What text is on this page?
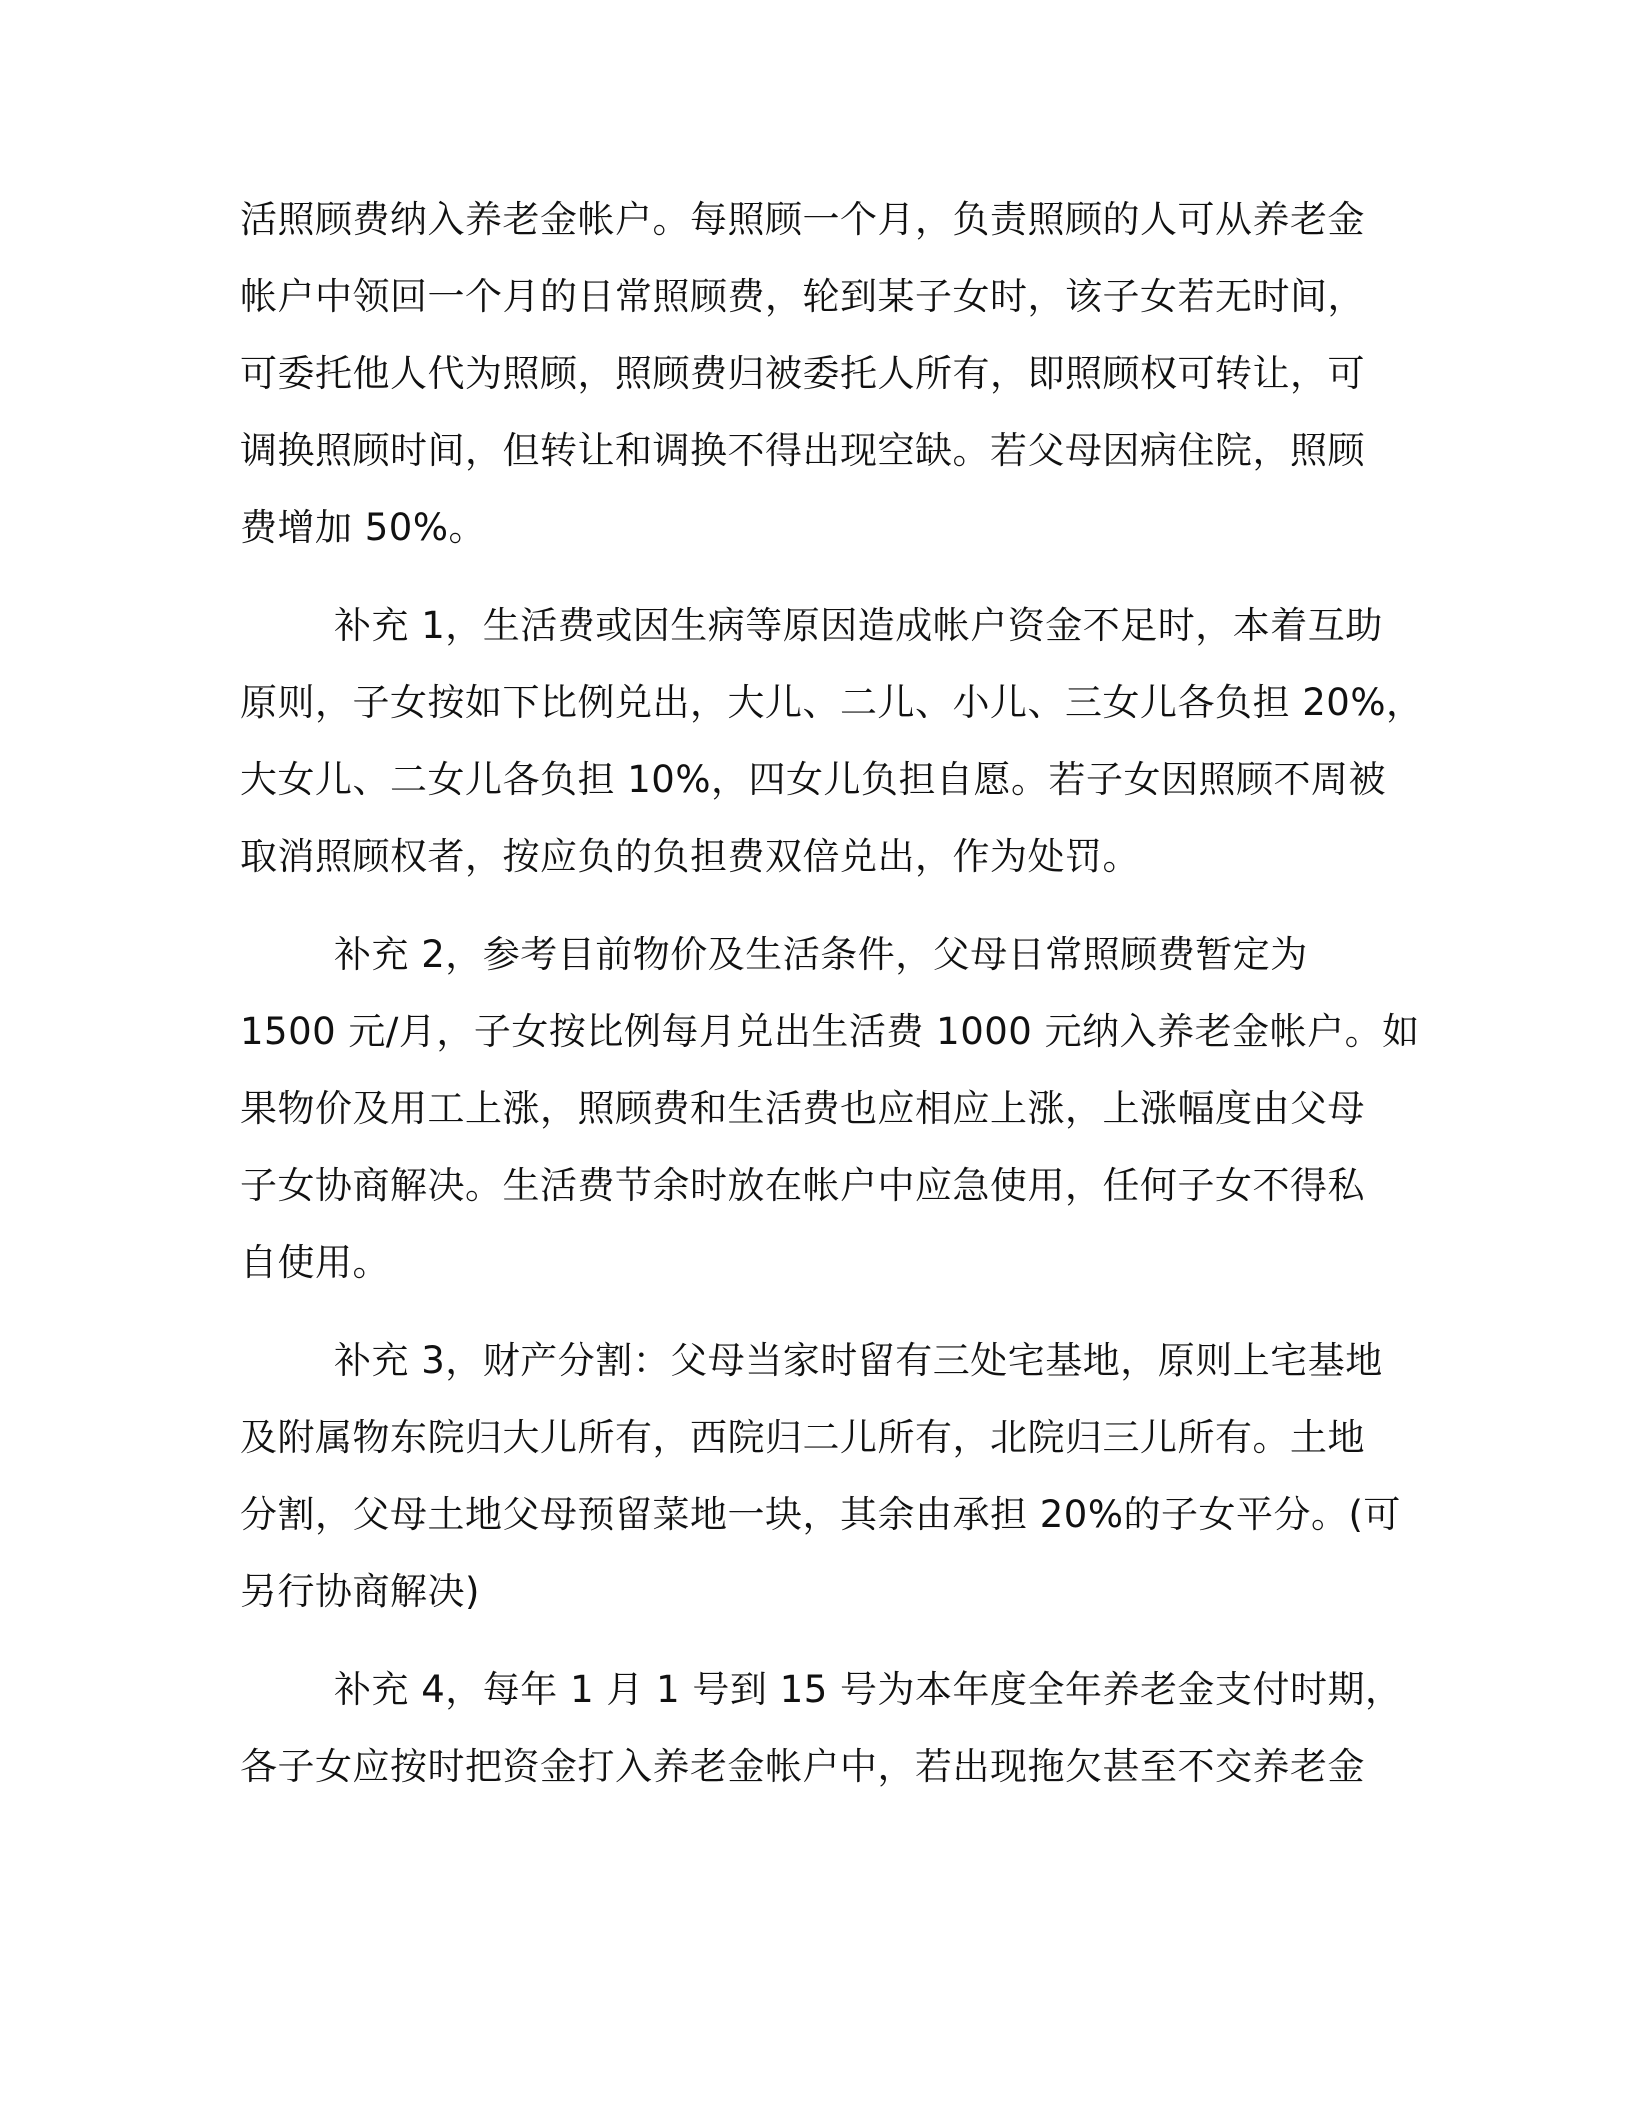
活照顾费纳入养老金帐户。每照顾一个月，负责照顾的人可从养老金
帐户中领回一个月的日常照顾费，轮到某子女时，该子女若无时间，
可委托他人代为照顾，照顾费归被委托人所有，即照顾权可转让，可
调换照顾时间，但转让和调换不得出现空缺。若父母因病住院，照顾
费增加 50%。

补充 1，生活费或因生病等原因造成帐户资金不足时，本着互助
原则，子女按如下比例兑出，大儿、二儿、小儿、三女儿各负担 20%，
大女儿、二女儿各负担 10%，四女儿负担自愿。若子女因照顾不周被
取消照顾权者，按应负的负担费双倍兑出，作为处罚。

补充 2，参考目前物价及生活条件，父母日常照顾费暂定为
1500 元/月，子女按比例每月兑出生活费 1000 元纳入养老金帐户。如
果物价及用工上涨，照顾费和生活费也应相应上涨，上涨幅度由父母
子女协商解决。生活费节余时放在帐户中应急使用，任何子女不得私
自使用。

补充 3，财产分割：父母当家时留有三处宅基地，原则上宅基地
及附属物东院归大儿所有，西院归二儿所有，北院归三儿所有。土地
分割，父母土地父母预留菜地一块，其余由承担 20%的子女平分。(可
另行协商解决)

补充 4，每年 1 月 1 号到 15 号为本年度全年养老金支付时期，
各子女应按时把资金打入养老金帐户中，若出现拖欠甚至不交养老金
